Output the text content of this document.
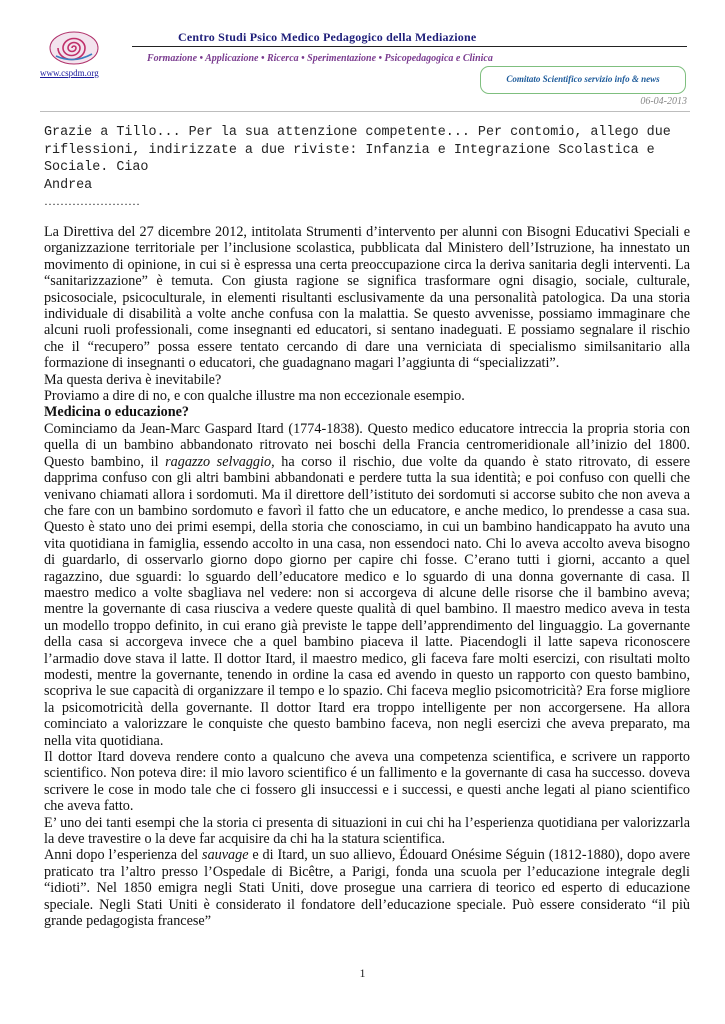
www.cspdm.org
Centro Studi Psico Medico Pedagogico della Mediazione
Formazione • Applicazione • Ricerca • Sperimentazione • Psicopedagogica e Clinica
Comitato Scientifico servizio info & news
06-04-2013
Grazie a Tillo... Per la sua attenzione competente... Per contomio, allego due riflessioni, indirizzate a due riviste: Infanzia e Integrazione Scolastica e Sociale. Ciao
Andrea
……………………

La Direttiva del 27 dicembre 2012, intitolata Strumenti d’intervento per alunni con Bisogni Educativi Speciali e organizzazione territoriale per l’inclusione scolastica, pubblicata dal Ministero dell’Istruzione, ha innestato un movimento di opinione, in cui si è espressa una certa preoccupazione circa la deriva sanitaria degli interventi. La “sanitarizzazione” è temuta. Con giusta ragione se significa trasformare ogni disagio, sociale, culturale, psicosociale, psicoculturale, in elementi risultanti esclusivamente da una personalità patologica. Da una storia individuale di disabilità a volte anche confusa con la malattia. Se questo avvenisse, possiamo immaginare che alcuni ruoli professionali, come insegnanti ed educatori, si sentano inadeguati. E possiamo segnalare il rischio che il “recupero” possa essere tentato cercando di dare una verniciata di specialismo similsanitario alla formazione di insegnanti o educatori, che guadagnano magari l’aggiunta di “specializzati”.

Ma questa deriva è inevitabile?

Proviamo a dire di no, e con qualche illustre ma non eccezionale esempio.

Medicina o educazione?

Cominciamo da Jean-Marc Gaspard Itard (1774-1838). Questo medico educatore intreccia la propria storia con quella di un bambino abbandonato ritrovato nei boschi della Francia centromeridionale all’inizio del 1800. Questo bambino, il ragazzo selvaggio, ha corso il rischio, due volte da quando è stato ritrovato, di essere dapprima confuso con gli altri bambini abbandonati e perdere tutta la sua identità; e poi confuso con quelli che venivano chiamati allora i sordomuti. Ma il direttore dell’istituto dei sordomuti si accorse subito che non aveva a che fare con un bambino sordomuto e favorì il fatto che un educatore, e anche medico, lo prendesse a casa sua. Questo è stato uno dei primi esempi, della storia che conosciamo, in cui un bambino handicappato ha avuto una vita quotidiana in famiglia, essendo accolto in una casa, non essendoci nato. Chi lo aveva accolto aveva bisogno di guardarlo, di osservarlo giorno dopo giorno per capire chi fosse. C’erano tutti i giorni, accanto a quel ragazzino, due sguardi: lo sguardo dell’educatore medico e lo sguardo di una donna governante di casa. Il maestro medico a volte sbagliava nel vedere: non si accorgeva di alcune delle risorse che il bambino aveva; mentre la governante di casa riusciva a vedere queste qualità di quel bambino. Il maestro medico aveva in testa un modello troppo definito, in cui erano già previste le tappe dell’apprendimento del linguaggio. La governante della casa si accorgeva invece che a quel bambino piaceva il latte. Piacendogli il latte sapeva riconoscere l’armadio dove stava il latte. Il dottor Itard, il maestro medico, gli faceva fare molti esercizi, con risultati molto modesti, mentre la governante, tenendo in ordine la casa ed avendo in questo un rapporto con questo bambino, scopriva le sue capacità di organizzare il tempo e lo spazio. Chi faceva meglio psicomotricità? Era forse migliore la psicomotricità della governante. Il dottor Itard era troppo intelligente per non accorgersene. Ha allora cominciato a valorizzare le conquiste che questo bambino faceva, non negli esercizi che aveva preparato, ma nella vita quotidiana.

Il dottor Itard doveva rendere conto a qualcuno che aveva una competenza scientifica, e scrivere un rapporto scientifico. Non poteva dire: il mio lavoro scientifico é un fallimento e la governante di casa ha successo. doveva scrivere le cose in modo tale che ci fossero gli insuccessi e i successi, e questi anche legati al piano scientifico che aveva fatto.

E’ uno dei tanti esempi che la storia ci presenta di situazioni in cui chi ha l’esperienza quotidiana per valorizzarla la deve travestire o la deve far acquisire da chi ha la statura scientifica.

Anni dopo l’esperienza del sauvage e di Itard, un suo allievo, Édouard Onésime Séguin (1812-1880), dopo avere praticato tra l’altro presso l’Ospedale di Bicêtre, a Parigi, fonda una scuola per l’educazione integrale degli “idioti”. Nel 1850 emigra negli Stati Uniti, dove prosegue una carriera di teorico ed esperto di educazione speciale. Negli Stati Uniti è considerato il fondatore dell’educazione speciale. Può essere considerato “il più grande pedagogista francese”

1
